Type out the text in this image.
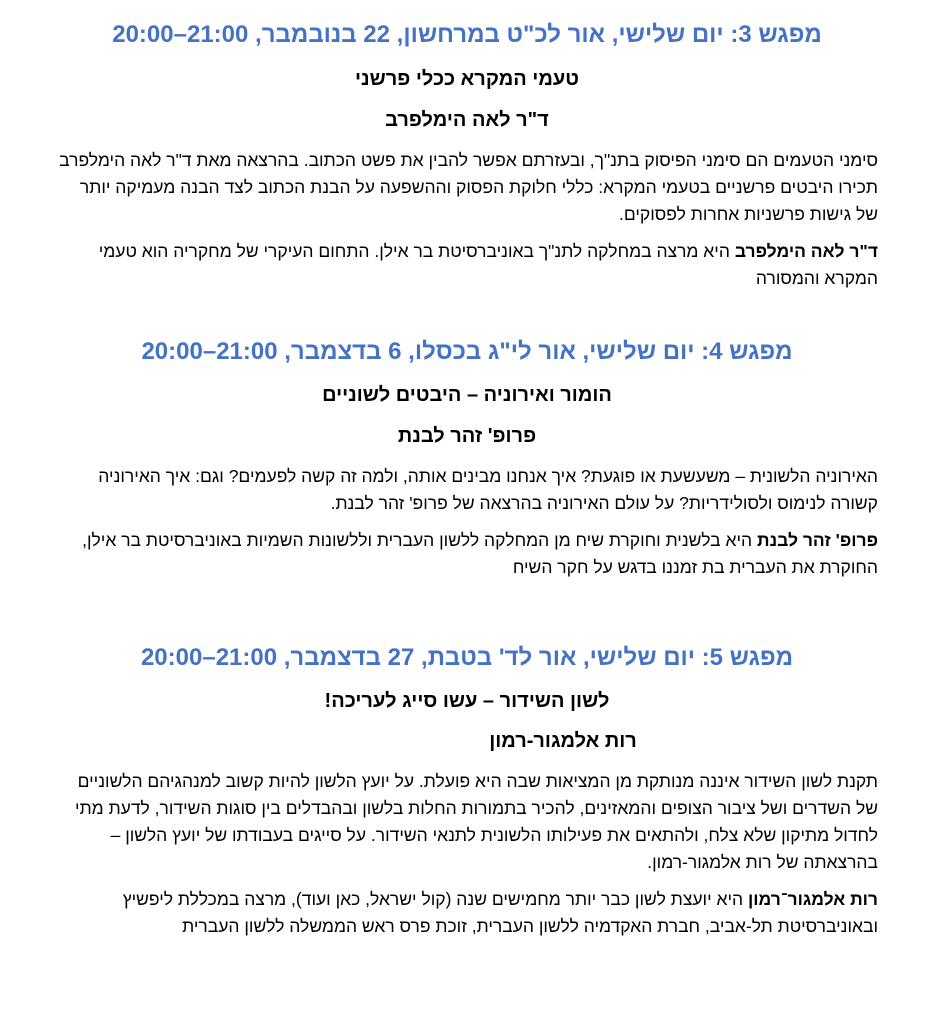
מפגש 3: יום שלישי, אור לכ"ט במרחשון, 22 בנובמבר, 21:00–20:00
טעמי המקרא ככלי פרשני
ד"ר לאה הימלפרב

סימני הטעמים הם סימני הפיסוק בתנ"ך, ובעזרתם אפשר להבין את פשט הכתוב. בהרצאה מאת ד"ר לאה הימלפרב תכירו היבטים פרשניים בטעמי המקרא: כללי חלוקת הפסוק וההשפעה על הבנת הכתוב לצד הבנה מעמיקה יותר של גישות פרשניות אחרות לפסוקים.

ד"ר לאה הימלפרב היא מרצה במחלקה לתנ"ך באוניברסיטת בר אילן. התחום העיקרי של מחקריה הוא טעמי המקרא והמסורה

מפגש 4: יום שלישי, אור לי"ג בכסלו, 6 בדצמבר, 21:00–20:00
הומור ואירוניה – היבטים לשוניים
פרופ' זהר לבנת

האירוניה הלשונית – משעשעת או פוגעת? איך אנחנו מבינים אותה, ולמה זה קשה לפעמים? וגם: איך האירוניה קשורה לנימוס ולסולידריות? על עולם האירוניה בהרצאה של פרופ' זהר לבנת.

פרופ' זהר לבנת היא בלשנית וחוקרת שיח מן המחלקה ללשון העברית וללשונות השמיות באוניברסיטת בר אילן, החוקרת את העברית בת זמננו בדגש על חקר השיח

מפגש 5: יום שלישי, אור לד' בטבת, 27 בדצמבר, 21:00–20:00
לשון השידור – עשו סייג לעריכה!
רות אלמגור-רמון

תקנת לשון השידור איננה מנותקת מן המציאות שבה היא פועלת. על יועץ הלשון להיות קשוב למנהגיהם הלשוניים של השדרים ושל ציבור הצופים והמאזינים, להכיר בתמורות החלות בלשון ובהבדלים בין סוגות השידור, לדעת מתי לחדול מתיקון שלא צלח, ולהתאים את פעילותו הלשונית לתנאי השידור. על סייגים בעבודתו של יועץ הלשון – בהרצאתה של רות אלמגור-רמון.

רות אלמגור־רמון היא יועצת לשון כבר יותר מחמישים שנה (קול ישראל, כאן ועוד), מרצה במכללת ליפשיץ ובאוניברסיטת תל-אביב, חברת האקדמיה ללשון העברית, זוכת פרס ראש הממשלה ללשון העברית
